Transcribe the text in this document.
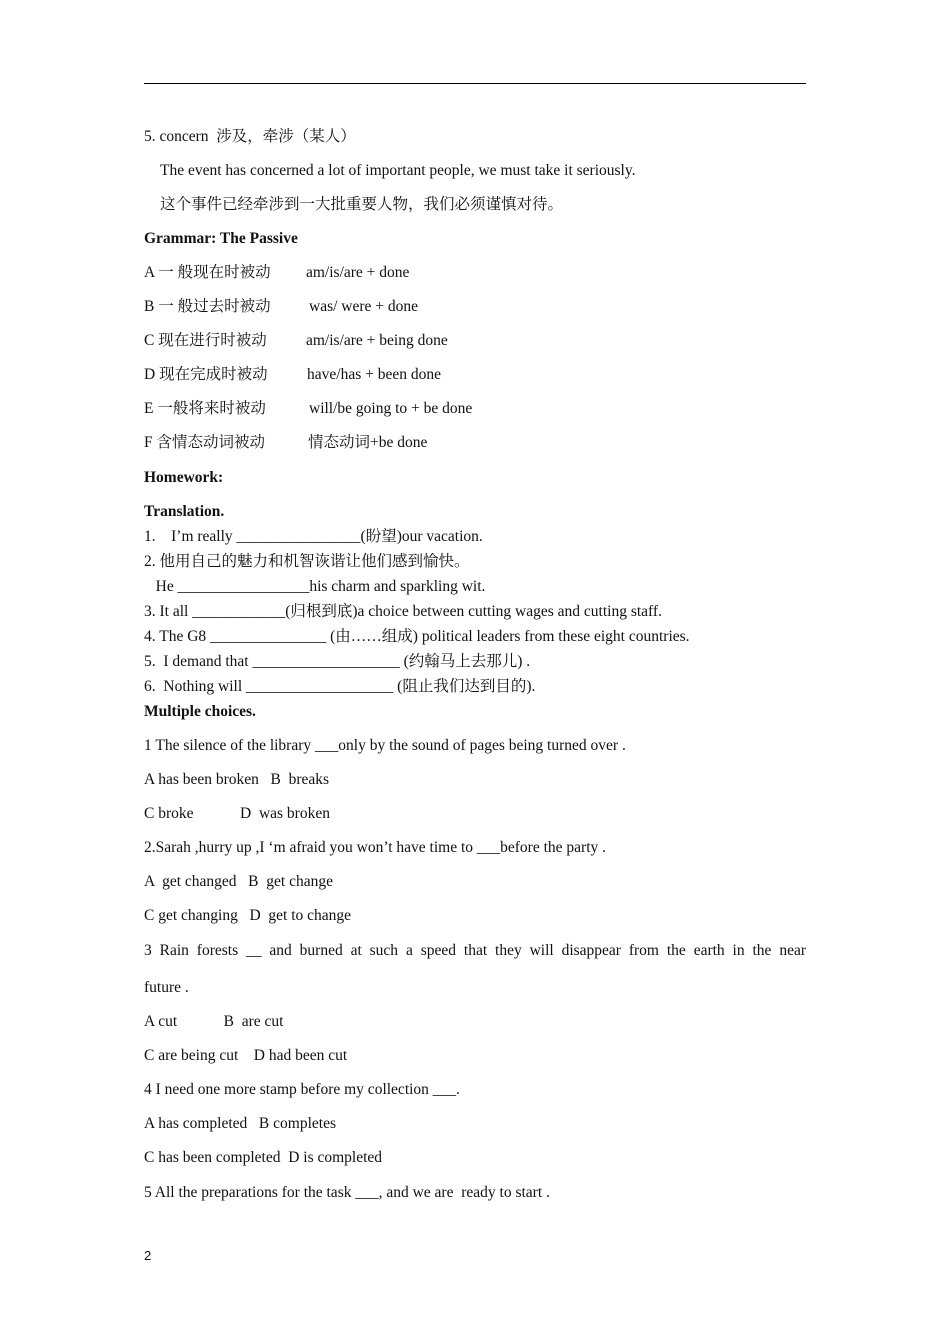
5. concern  涉及，牵涉（某人）
The event has concerned a lot of important people, we must take it seriously.
这个事件已经牵涉到一大批重要人物，我们必须谨慎对待。
Grammar: The Passive
A 一 般现在时被动 am/is/are + done
B 一 般过去时被动 was/ were + done
C 现在进行时被动	am/is/are + being done
D 现在完成时被动	have/has + been done
E 一般将来时被动	will/be going to + be done
F 含情态动词被动	情态动词+be done
Homework:
Translation.
1.    I’m really ________________(盼望)our vacation.
2. 他用自己的魅力和机智诙谐让他们感到愉快。
He _________________his charm and sparkling wit.
3. It all ____________(归根到底)a choice between cutting wages and cutting staff.
4. The G8 _______________ (由……组成) political leaders from these eight countries.
5.  I demand that ___________________ (约翰马上去那儿) .
6.  Nothing will ___________________ (阻止我们达到目的).
Multiple choices.
1 The silence of the library ___only by the sound of pages being turned over .
A has been broken   B  breaks
C broke            D  was broken
2.Sarah ,hurry up ,I ‘m afraid you won’t have time to ___before the party .
A  get changed   B  get change
C get changing   D  get to change
3 Rain forests __ and burned at such a speed that they will disappear from the earth in the near
future .
A cut            B  are cut
C are being cut    D had been cut
4 I need one more stamp before my collection ___.
A has completed   B completes
C has been completed  D is completed
5 All the preparations for the task ___, and we are  ready to start .
2
